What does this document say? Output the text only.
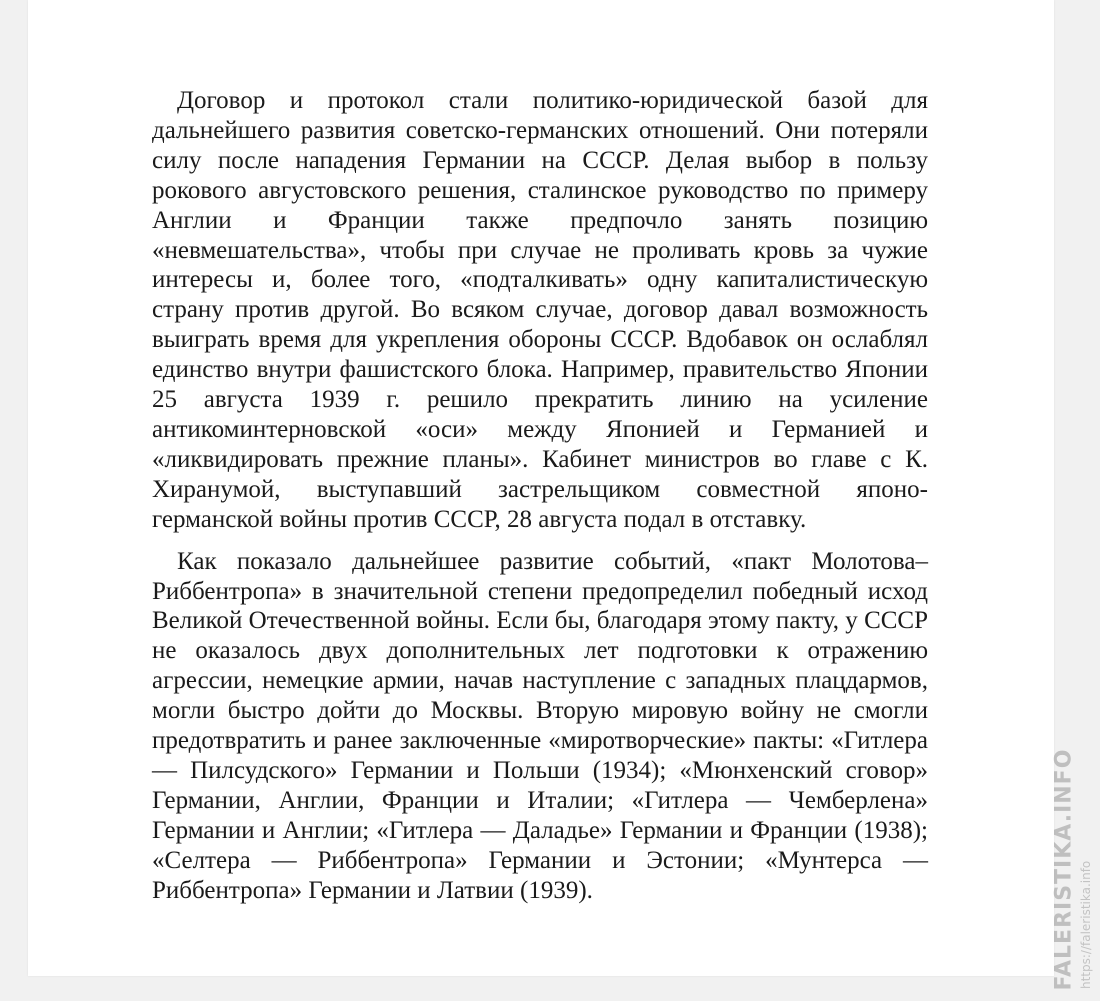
Договор и протокол стали политико-юридической базой для дальнейшего развития советско-германских отношений. Они потеряли силу после нападения Германии на СССР. Делая выбор в пользу рокового августовского решения, сталинское руководство по примеру Англии и Франции также предпочло занять позицию «невмешательства», чтобы при случае не проливать кровь за чужие интересы и, более того, «подталкивать» одну капиталистическую страну против другой. Во всяком случае, договор давал возможность выиграть время для укрепления обороны СССР. Вдобавок он ослаблял единство внутри фашистского блока. Например, правительство Японии 25 августа 1939 г. решило прекратить линию на усиление антикоминтерновской «оси» между Японией и Германией и «ликвидировать прежние планы». Кабинет министров во главе с К. Хиранумой, выступавший застрельщиком совместной японо-германской войны против СССР, 28 августа подал в отставку.

Как показало дальнейшее развитие событий, «пакт Молотова–Риббентропа» в значительной степени предопределил победный исход Великой Отечественной войны. Если бы, благодаря этому пакту, у СССР не оказалось двух дополнительных лет подготовки к отражению агрессии, немецкие армии, начав наступление с западных плацдармов, могли быстро дойти до Москвы. Вторую мировую войну не смогли предотвратить и ранее заключенные «миротворческие» пакты: «Гитлера — Пилсудского» Германии и Польши (1934); «Мюнхенский сговор» Германии, Англии, Франции и Италии; «Гитлера — Чемберлена» Германии и Англии; «Гитлера — Даладье» Германии и Франции (1938); «Селтера — Риббентропа» Германии и Эстонии; «Мунтерса — Риббентропа» Германии и Латвии (1939).	FALERISTIKA.INFO https://faleristika.info
